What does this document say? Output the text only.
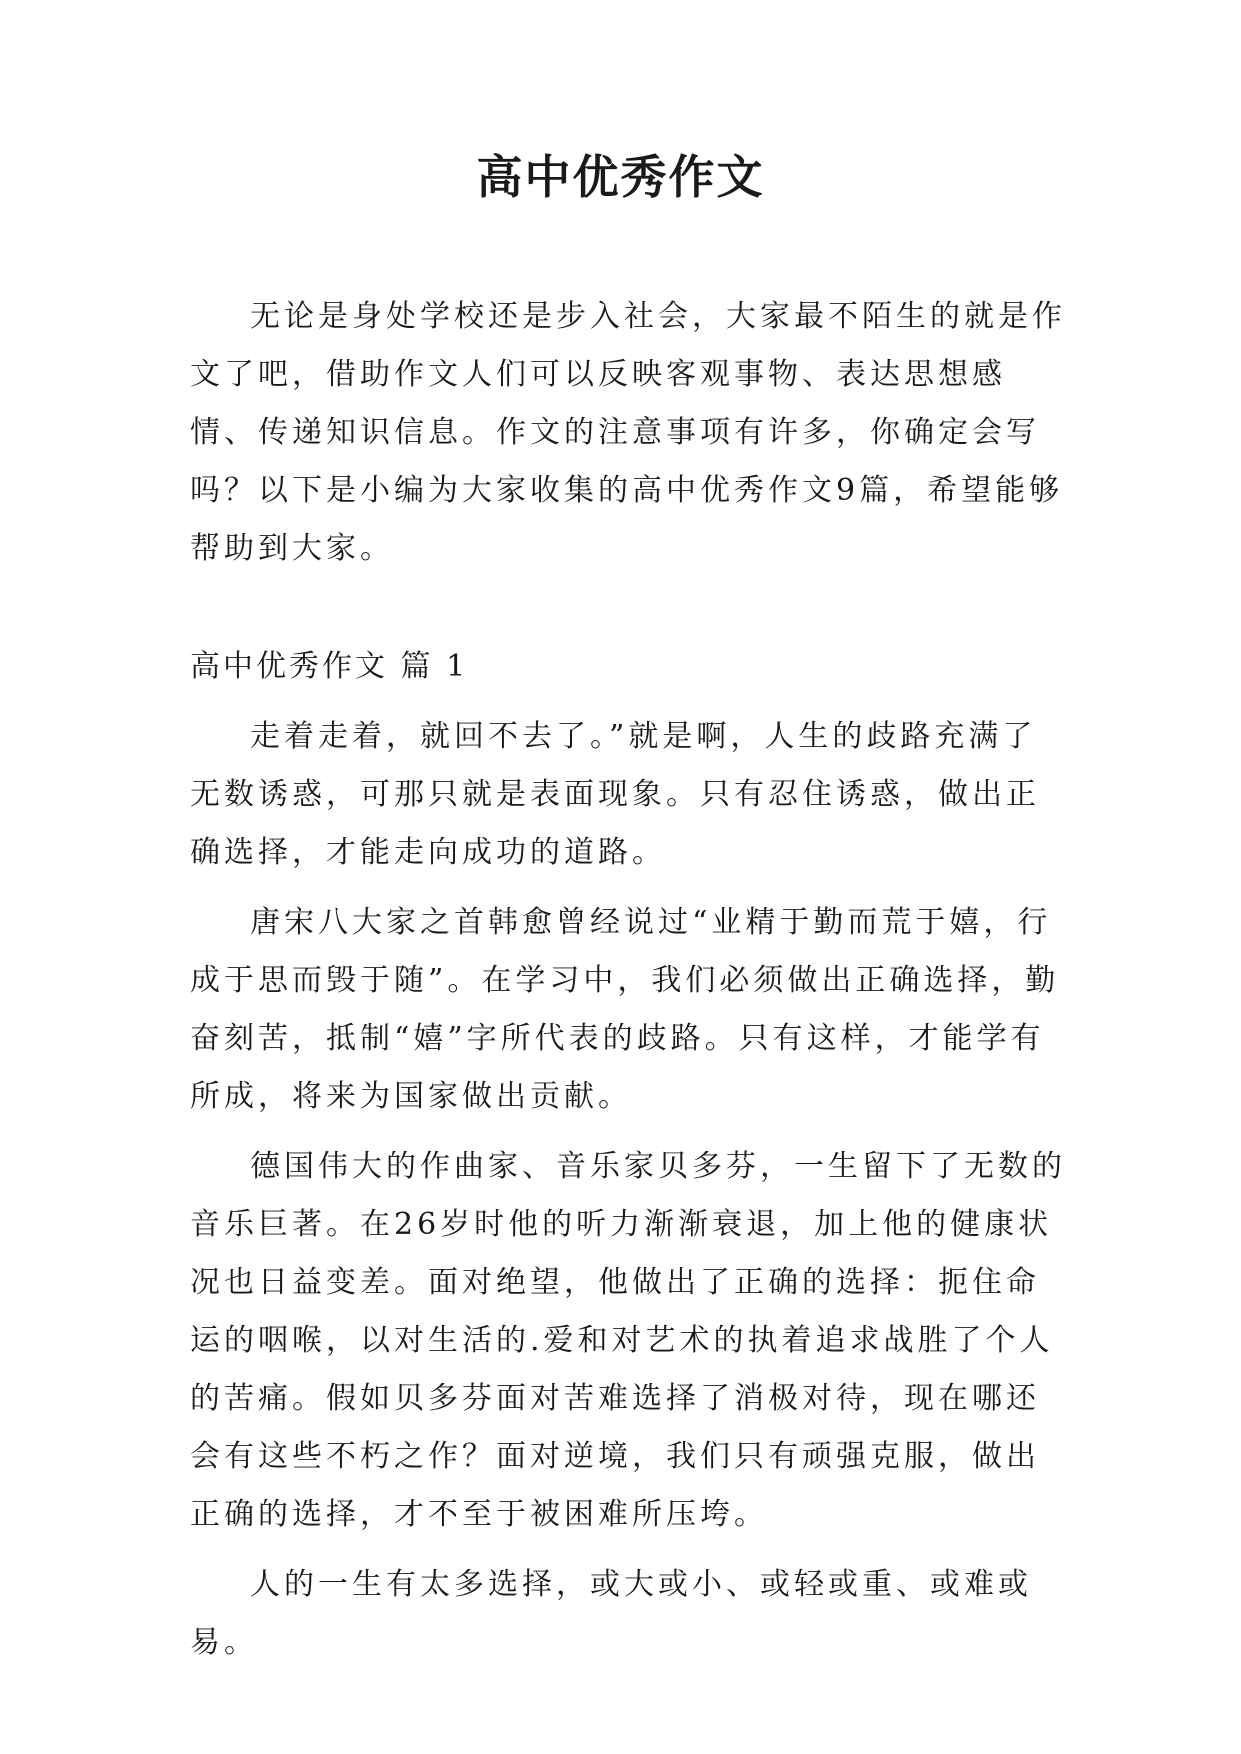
高中优秀作文

无论是身处学校还是步入社会，大家最不陌生的就是作文了吧，借助作文人们可以反映客观事物、表达思想感情、传递知识信息。作文的注意事项有许多，你确定会写吗？以下是小编为大家收集的高中优秀作文9篇，希望能够帮助到大家。

高中优秀作文 篇 1

走着走着，就回不去了。”就是啊，人生的歧路充满了无数诱惑，可那只就是表面现象。只有忍住诱惑，做出正确选择，才能走向成功的道路。

唐宋八大家之首韩愈曾经说过“业精于勤而荒于嬉，行成于思而毁于随”。在学习中，我们必须做出正确选择，勤奋刻苦，抵制“嬉”字所代表的歧路。只有这样，才能学有所成，将来为国家做出贡献。

德国伟大的作曲家、音乐家贝多芬，一生留下了无数的音乐巨著。在26岁时他的听力渐渐衰退，加上他的健康状况也日益变差。面对绝望，他做出了正确的选择：扼住命运的咽喉，以对生活的.爱和对艺术的执着追求战胜了个人的苦痛。假如贝多芬面对苦难选择了消极对待，现在哪还会有这些不朽之作？面对逆境，我们只有顽强克服，做出正确的选择，才不至于被困难所压垮。

人的一生有太多选择，或大或小、或轻或重、或难或易。
